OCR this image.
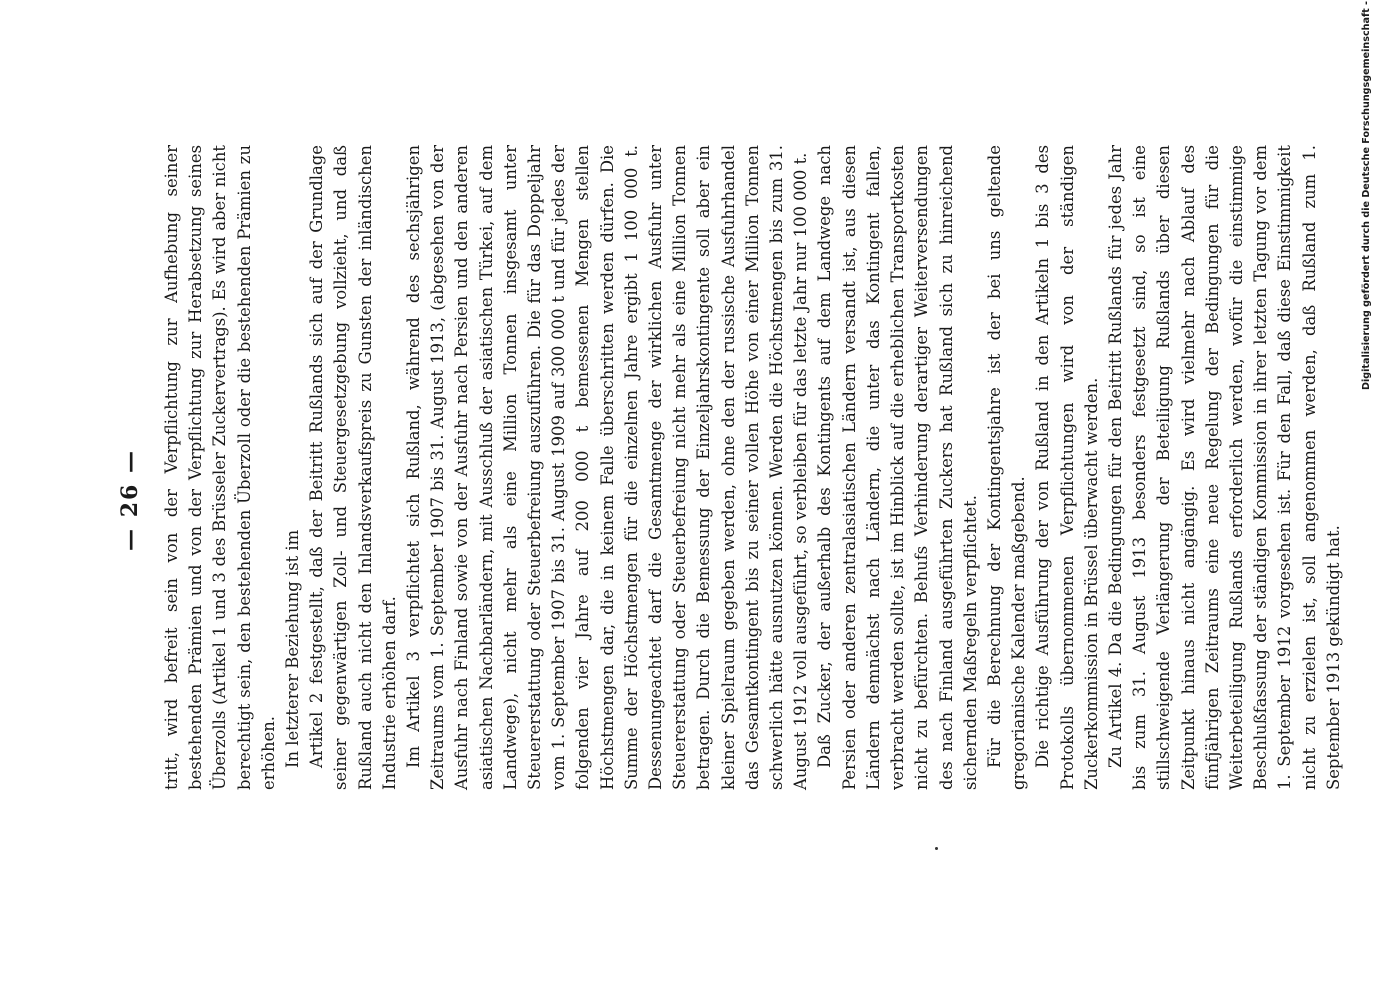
— 26 — tritt, wird befreit sein von der Verpflichtung zur Aufhebung seiner bestehenden Prämien und von der Verpflichtung zur Herabsetzung seines Überzolls (Artikel 1 und 3 des Brüsseler Zuckervertrags). Es wird aber nicht berechtigt sein, den bestehenden Überzoll oder die bestehenden Prämien zu erhöhen. In letzterer Beziehung ist im Artikel 2 festgestellt, daß der Beitritt Rußlands sich auf der Grundlage seiner gegenwärtigen Zoll- und Steuergesetzgebung vollzieht, und daß Rußland auch nicht den Inlandsverkaufspreis zu Gunsten der inländischen Industrie erhöhen darf. Im Artikel 3 verpflichtet sich Rußland, während des sechsjährigen Zeitraums vom 1. September 1907 bis 31. August 1913, (abgesehen von der Ausfuhr nach Finland sowie von der Ausfuhr nach Persien und den anderen asiatischen Nachbarländern, mit Ausschluß der asiatischen Türkei, auf dem Landwege), nicht mehr als eine Million Tonnen insgesamt unter Steuererstattung oder Steuerbefreiung auszuführen. Die für das Doppeljahr vom 1. September 1907 bis 31. August 1909 auf 300 000 t und für jedes der folgenden vier Jahre auf 200 000 t bemessenen Mengen stellen Höchstmengen dar, die in keinem Falle überschritten werden dürfen. Die Summe der Höchstmengen für die einzelnen Jahre ergibt 1 100 000 t. Dessenungeachtet darf die Gesamtmenge der wirklichen Ausfuhr unter Steuererstattung oder Steuerbefreiung nicht mehr als eine Million Tonnen betragen. Durch die Bemessung der Einzeljahrskontingente soll aber ein kleiner Spielraum gegeben werden, ohne den der russische Ausfuhrhandel das Gesamtkontingent bis zu seiner vollen Höhe von einer Million Tonnen schwerlich hätte ausnutzen können. Werden die Höchstmengen bis zum 31. August 1912 voll ausgeführt, so verbleiben für das letzte Jahr nur 100 000 t. Daß Zucker, der außerhalb des Kontingents auf dem Landwege nach Persien oder anderen zentralasiatischen Ländern versandt ist, aus diesen Ländern demnächst nach Ländern, die unter das Kontingent fallen, verbracht werden sollte, ist im Hinblick auf die erheblichen Transportkosten nicht zu befürchten. Behufs Verhinderung derartiger Weiterversendungen des nach Finland ausgeführten Zuckers hat Rußland sich zu hinreichend sichernden Maßregeln verpflichtet. Für die Berechnung der Kontingentsjahre ist der bei uns geltende gregorianische Kalender maßgebend. Die richtige Ausführung der von Rußland in den Artikeln 1 bis 3 des Protokolls übernommenen Verpflichtungen wird von der ständigen Zuckerkommission in Brüssel überwacht werden. Zu Artikel 4. Da die Bedingungen für den Beitritt Rußlands für jedes Jahr bis zum 31. August 1913 besonders festgesetzt sind, so ist eine stillschweigende Verlängerung der Beteiligung Rußlands über diesen Zeitpunkt hinaus nicht angängig. Es wird vielmehr nach Ablauf des fünfjährigen Zeitraums eine neue Regelung der Bedingungen für die Weiterbeteiligung Rußlands erforderlich werden, wofür die einstimmige Beschlußfassung der ständigen Kommission in ihrer letzten Tagung vor dem 1. September 1912 vorgesehen ist. Für den Fall, daß diese Einstimmigkeit nicht zu erzielen ist, soll angenommen werden, daß Rußland zum 1. September 1913 gekündigt hat.

Digitalisierung gefördert durch die Deutsche Forschungsgemeinschaft -
